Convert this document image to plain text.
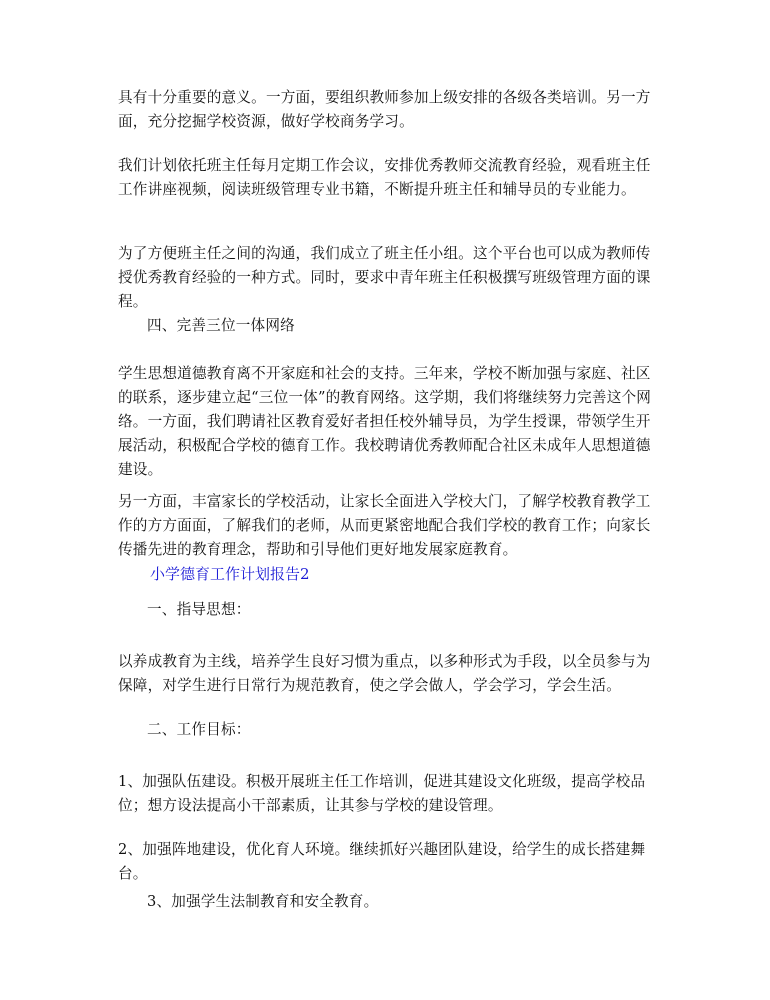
具有十分重要的意义。一方面，要组织教师参加上级安排的各级各类培训。另一方面，充分挖掘学校资源，做好学校商务学习。

我们计划依托班主任每月定期工作会议，安排优秀教师交流教育经验，观看班主任工作讲座视频，阅读班级管理专业书籍，不断提升班主任和辅导员的专业能力。

为了方便班主任之间的沟通，我们成立了班主任小组。这个平台也可以成为教师传授优秀教育经验的一种方式。同时，要求中青年班主任积极撰写班级管理方面的课程。

四、完善三位一体网络

学生思想道德教育离不开家庭和社会的支持。三年来，学校不断加强与家庭、社区的联系，逐步建立起“三位一体”的教育网络。这学期，我们将继续努力完善这个网络。一方面，我们聘请社区教育爱好者担任校外辅导员，为学生授课，带领学生开展活动，积极配合学校的德育工作。我校聘请优秀教师配合社区未成年人思想道德建设。

另一方面，丰富家长的学校活动，让家长全面进入学校大门，了解学校教育教学工作的方方面面，了解我们的老师，从而更紧密地配合我们学校的教育工作；向家长传播先进的教育理念，帮助和引导他们更好地发展家庭教育。

小学德育工作计划报告2

一、指导思想：

以养成教育为主线，培养学生良好习惯为重点，以多种形式为手段，以全员参与为保障，对学生进行日常行为规范教育，使之学会做人，学会学习，学会生活。

二、工作目标：

1、加强队伍建设。积极开展班主任工作培训，促进其建设文化班级，提高学校品位；想方设法提高小干部素质，让其参与学校的建设管理。

2、加强阵地建设，优化育人环境。继续抓好兴趣团队建设，给学生的成长搭建舞台。

3、加强学生法制教育和安全教育。
